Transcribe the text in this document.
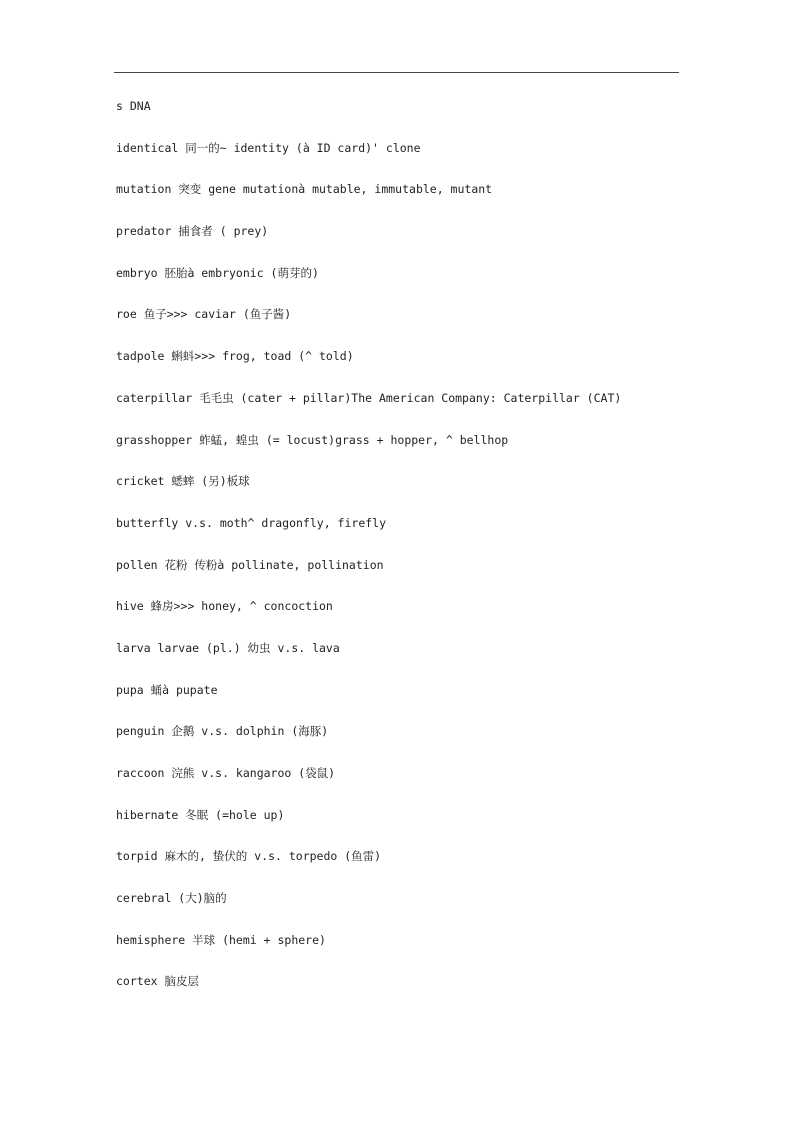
s DNA
identical 同一的~ identity (à ID card)' clone
mutation 突变 gene mutationà mutable, immutable, mutant
predator 捕食者 ( prey)
embryo 胚胎à embryonic (萌芽的)
roe 鱼子>>> caviar (鱼子酱)
tadpole 蝌蚪>>> frog, toad (^ told)
caterpillar 毛毛虫 (cater + pillar)The American Company: Caterpillar (CAT)
grasshopper 蚱蜢, 蝗虫 (= locust)grass + hopper, ^ bellhop
cricket 蟋蟀 (另)板球
butterfly v.s. moth^ dragonfly, firefly
pollen 花粉 传粉à pollinate, pollination
hive 蜂房>>> honey, ^ concoction
larva larvae (pl.) 幼虫 v.s. lava
pupa 蛹à pupate
penguin 企鹅 v.s. dolphin (海豚)
raccoon 浣熊 v.s. kangaroo (袋鼠)
hibernate 冬眠 (=hole up)
torpid 麻木的, 蛰伏的 v.s. torpedo (鱼雷)
cerebral (大)脑的
hemisphere 半球 (hemi + sphere)
cortex 脑皮层
